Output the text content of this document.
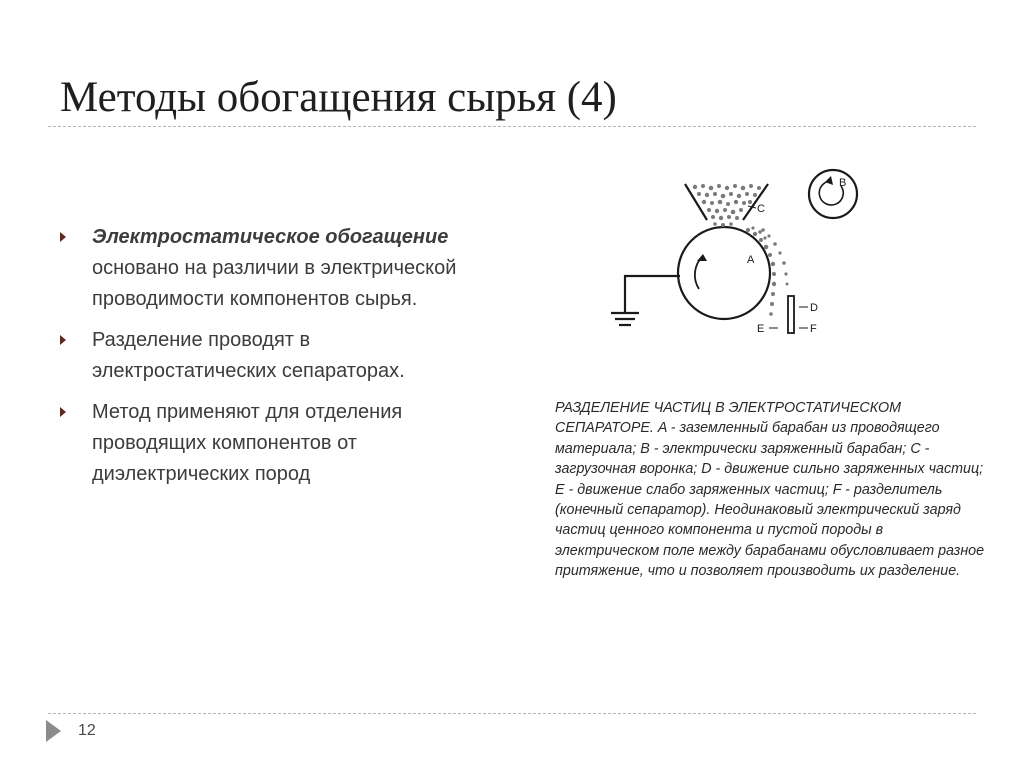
Методы обогащения сырья (4)
Электростатическое обогащение основано на различии в электрической проводимости компонентов сырья.
Разделение проводят в электростатических сепараторах.
Метод применяют для отделения проводящих компонентов от диэлектрических пород
A
B
C
D
E	F

РАЗДЕЛЕНИЕ ЧАСТИЦ В ЭЛЕКТРОСТАТИЧЕСКОМ СЕПАРАТОРЕ. A - заземленный барабан из проводящего материала; B - электрически заряженный барабан; C - загрузочная воронка; D - движение сильно заряженных частиц; E - движение слабо заряженных частиц; F - разделитель (конечный сепаратор). Неодинаковый электрический заряд частиц ценного компонента и пустой породы в электрическом поле между барабанами обусловливает разное притяжение, что и позволяет производить их разделение.

12
